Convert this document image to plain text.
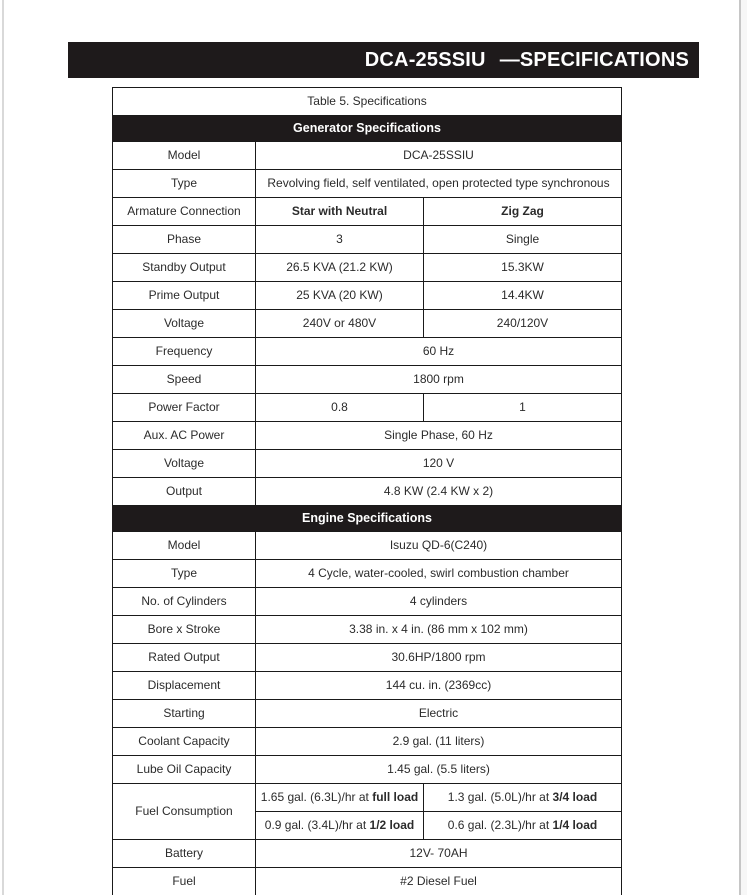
DCA-25SSIU —SPECIFICATIONS
Table 5. Specifications		
Generator Specifications		
Model	DCA-25SSIU	
Type	Revolving field, self ventilated, open protected type synchronous	
Armature Connection	Star with Neutral	Zig Zag
Phase	3	Single
Standby Output	26.5 KVA (21.2 KW)	15.3KW
Prime Output	25 KVA (20 KW)	14.4KW
Voltage	240V or 480V	240/120V
Frequency	60 Hz	
Speed	1800 rpm	
Power Factor	0.8	1
Aux. AC Power	Single Phase, 60 Hz	
Voltage	120 V	
Output	4.8 KW (2.4 KW x 2)	
Engine Specifications		
Model	Isuzu QD-6(C240)	
Type	4 Cycle, water-cooled, swirl combustion chamber	
No. of Cylinders	4 cylinders	
Bore x Stroke	3.38 in. x 4 in. (86 mm x 102 mm)	
Rated Output	30.6HP/1800 rpm	
Displacement	144 cu. in. (2369cc)	
Starting	Electric	
Coolant Capacity	2.9 gal. (11 liters)	
Lube Oil Capacity	1.45 gal. (5.5 liters)	
Fuel Consumption	1.65 gal. (6.3L)/hr at full load	1.3 gal. (5.0L)/hr at 3/4 load
	0.9 gal. (3.4L)/hr at 1/2 load	0.6 gal. (2.3L)/hr at 1/4 load
Battery	12V- 70AH	
Fuel	#2 Diesel Fuel	
